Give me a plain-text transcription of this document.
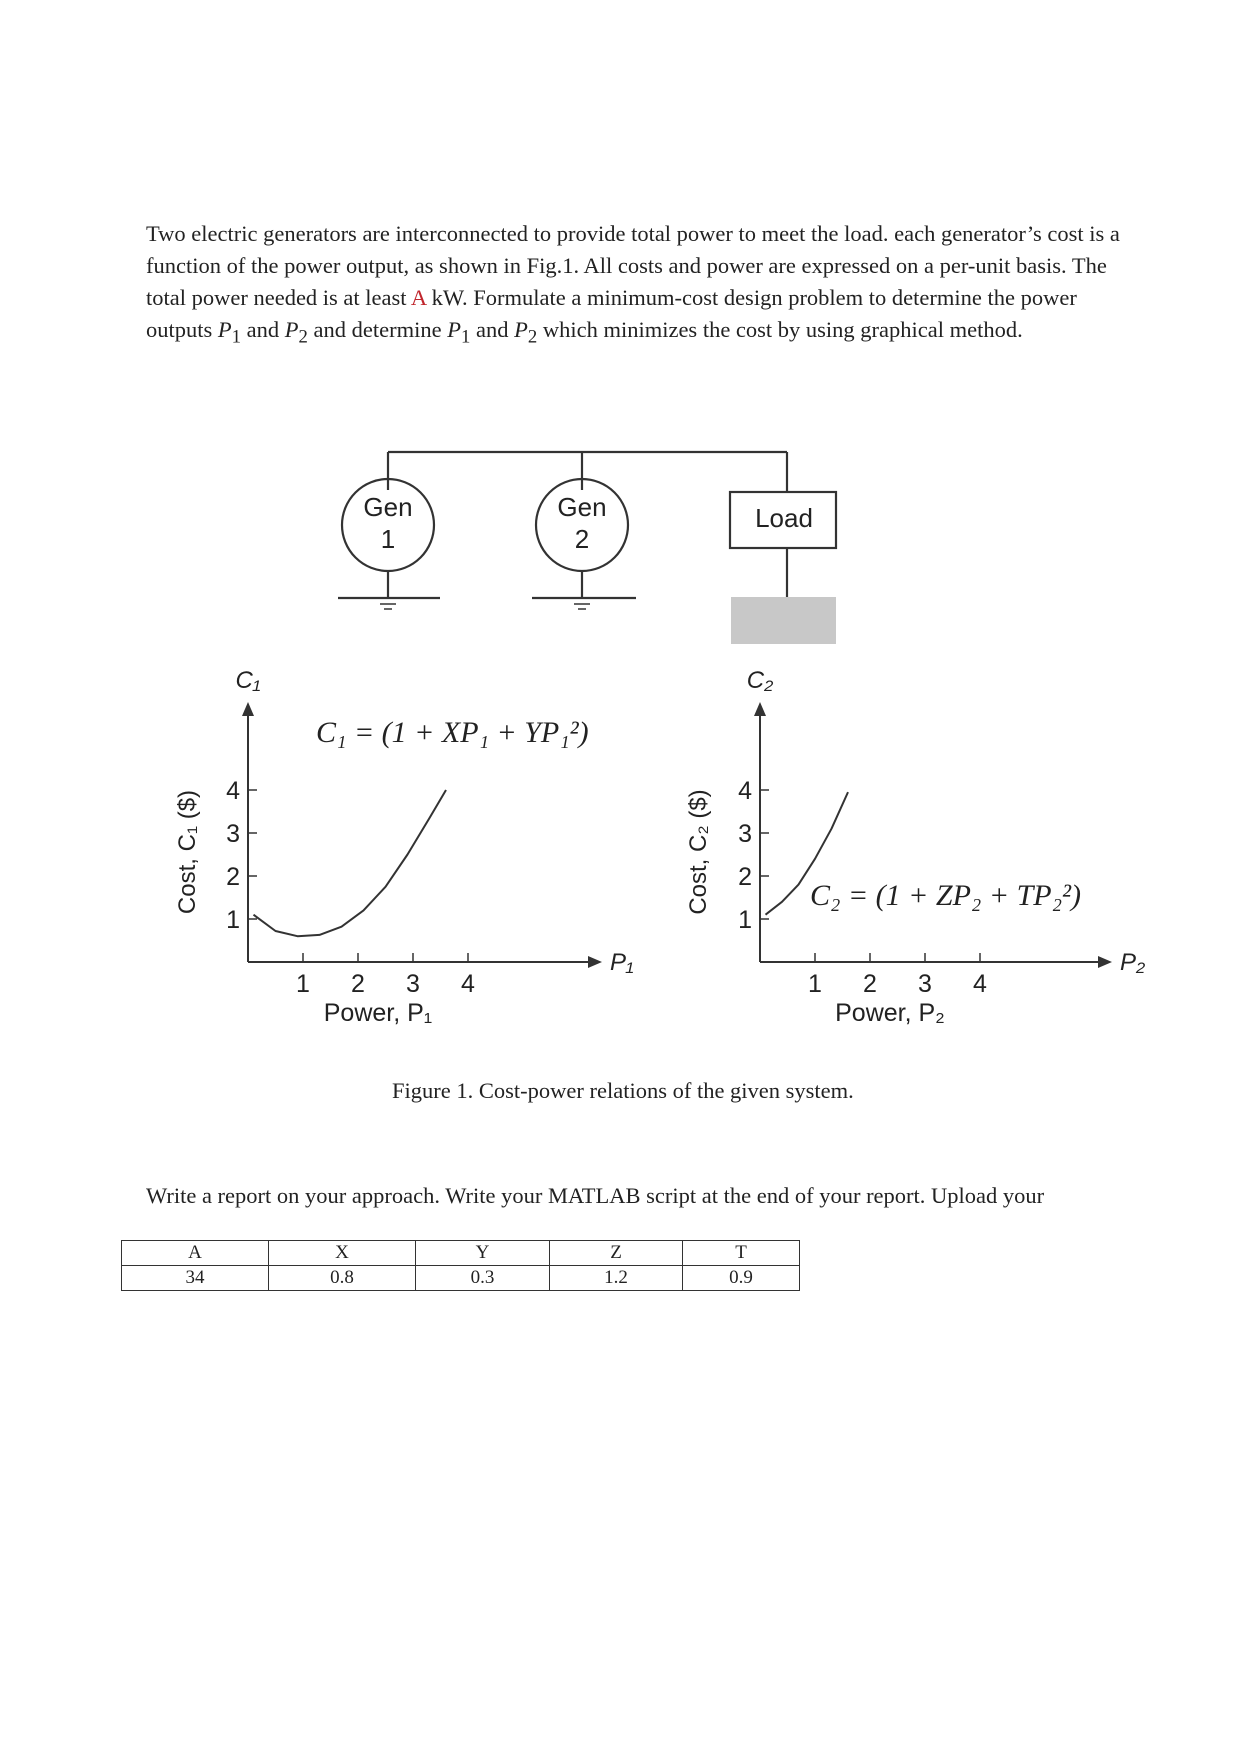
Two electric generators are interconnected to provide total power to meet the load. each generator’s cost is a function of the power output, as shown in Fig.1. All costs and power are expressed on a per-unit basis. The total power needed is at least A kW. Formulate a minimum-cost design problem to determine the power outputs $P_1$ and $P_2$ and determine $P_1$ and $P_2$ which minimizes the cost by using graphical method.
Gen
1
Gen
2
Load
1 2 3 4
1
2
3
4
C₁ = (1 + XP₁ + YP₁²)
Cost, C₁ ($)
C₁
P₁
Power, P₁
1 2 3 4
1
2
3
4
C₂ = (1 + ZP₂ + TP₂²)
Cost, C₂ ($)
C₂
P₂
Power, P₂
Figure 1. Cost-power relations of the given system.
Write a report on your approach. Write your MATLAB script at the end of your report. Upload your
A	X	Y	Z	T
34	0.8	0.3	1.2	0.9
